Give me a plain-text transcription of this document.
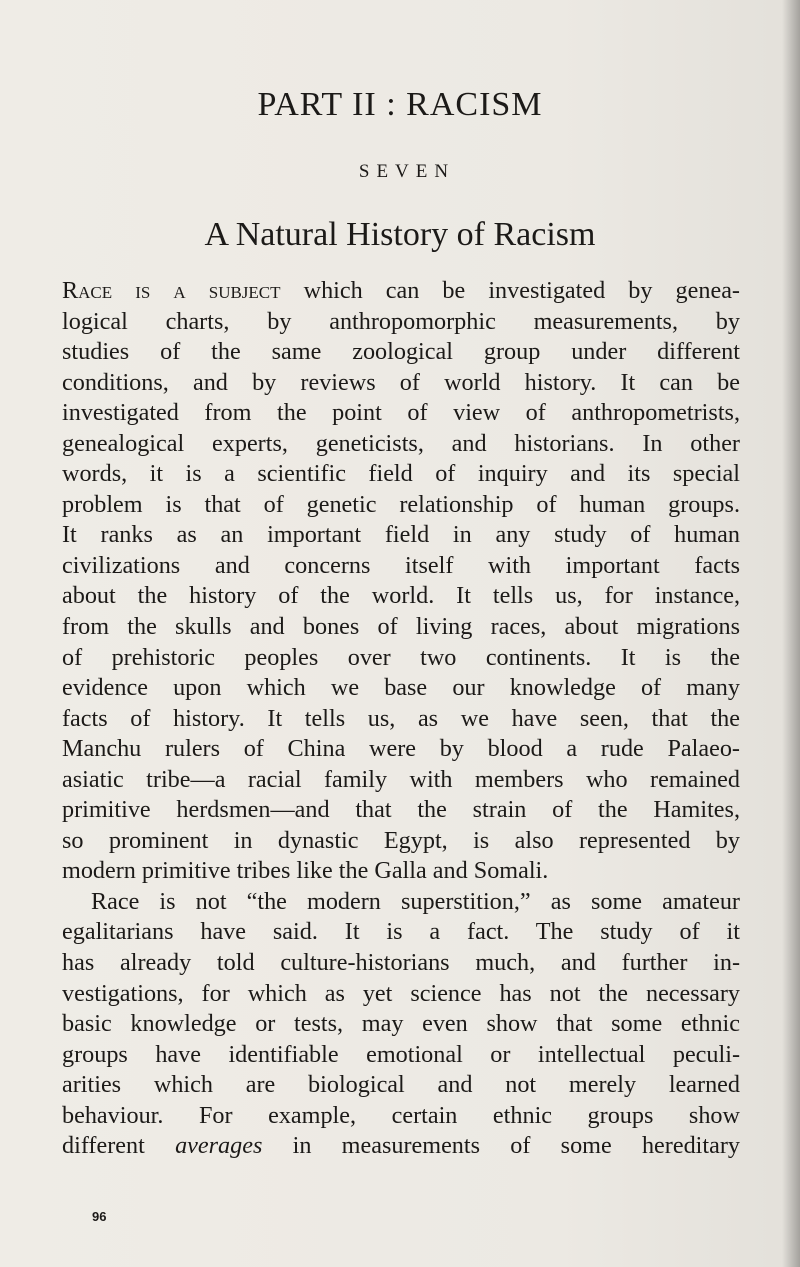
PART II : RACISM
SEVEN
A Natural History of Racism
Race is a subject which can be investigated by genea-
logical charts, by anthropomorphic measurements, by
studies of the same zoological group under different
conditions, and by reviews of world history. It can be
investigated from the point of view of anthropometrists,
genealogical experts, geneticists, and historians. In other
words, it is a scientific field of inquiry and its special
problem is that of genetic relationship of human groups.
It ranks as an important field in any study of human
civilizations and concerns itself with important facts
about the history of the world. It tells us, for instance,
from the skulls and bones of living races, about migrations
of prehistoric peoples over two continents. It is the
evidence upon which we base our knowledge of many
facts of history. It tells us, as we have seen, that the
Manchu rulers of China were by blood a rude Palaeo-
asiatic tribe—a racial family with members who remained
primitive herdsmen—and that the strain of the Hamites,
so prominent in dynastic Egypt, is also represented by
modern primitive tribes like the Galla and Somali.
Race is not “the modern superstition,” as some amateur
egalitarians have said. It is a fact. The study of it
has already told culture-historians much, and further in-
vestigations, for which as yet science has not the necessary
basic knowledge or tests, may even show that some ethnic
groups have identifiable emotional or intellectual peculi-
arities which are biological and not merely learned
behaviour. For example, certain ethnic groups show
different averages in measurements of some hereditary
96
